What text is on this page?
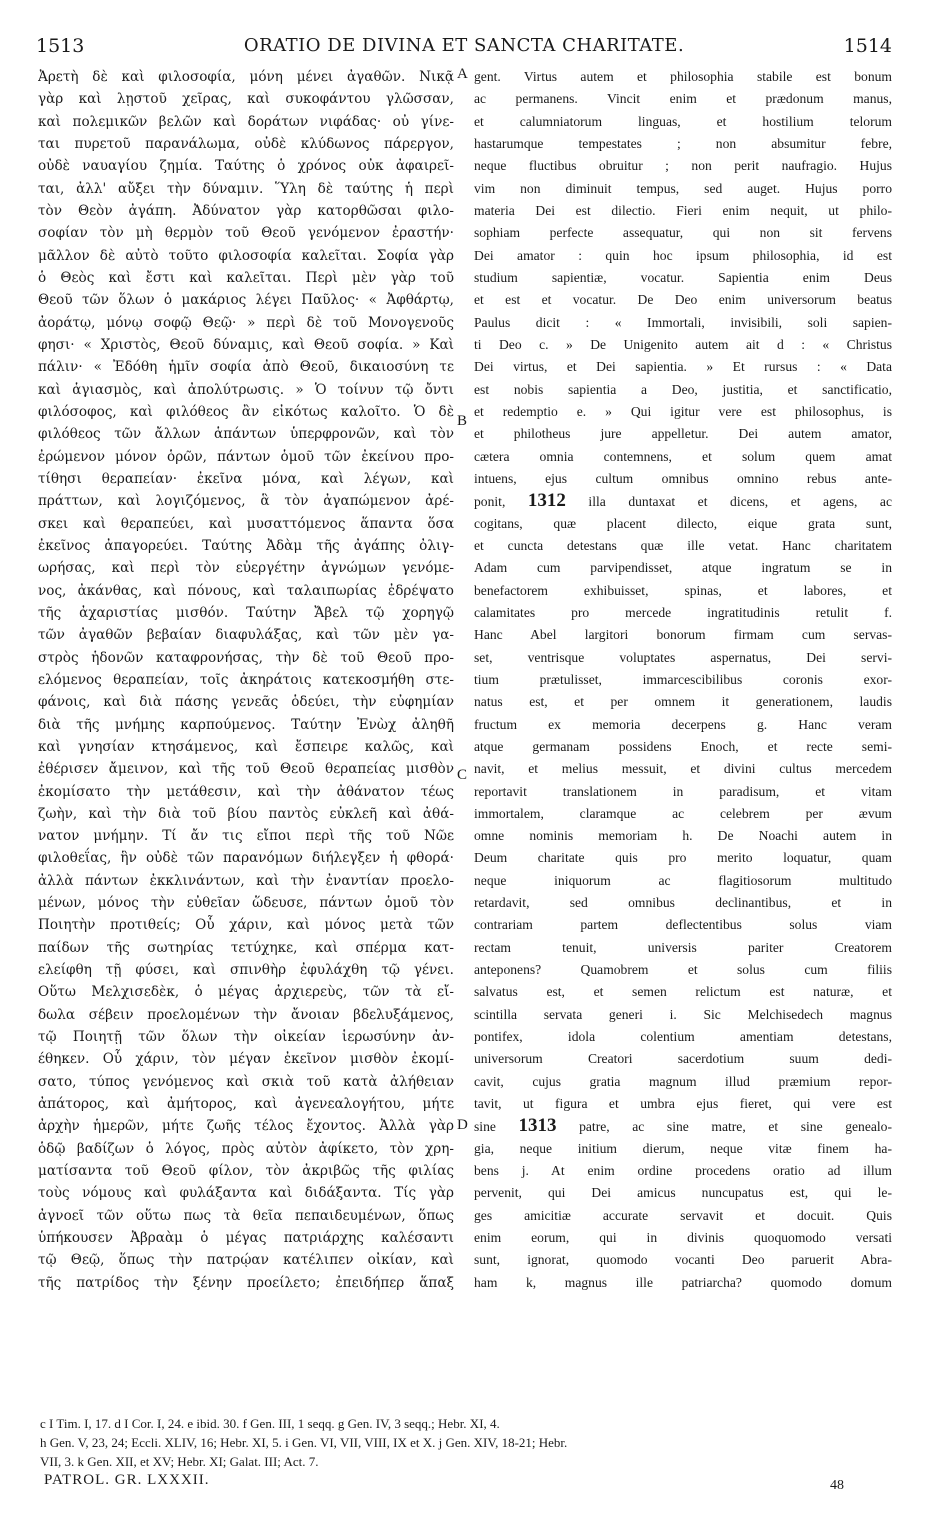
1513	ORATIO DE DIVINA ET SANCTA CHARITATE.	1514
Ἀρετὴ δὲ καὶ φιλοσοφία, μόνη μένει ἀγαθῶν. Νικᾷ
γὰρ καὶ λῃστοῦ χεῖρας, καὶ συκοφάντου γλῶσσαν,
καὶ πολεμικῶν βελῶν καὶ δοράτων νιφάδας· οὐ γίνε-
ται πυρετοῦ παρανάλωμα, οὐδὲ κλύδωνος πάρεργον,
οὐδὲ ναυαγίου ζημία. Ταύτης ὁ χρόνος οὐκ ἀφαιρεῖ-
ται, ἀλλ' αὔξει τὴν δύναμιν. Ὕλη δὲ ταύτης ἡ περὶ
τὸν Θεὸν ἀγάπη. Ἀδύνατον γὰρ κατορθῶσαι φιλο-
σοφίαν τὸν μὴ θερμὸν τοῦ Θεοῦ γενόμενον ἐραστήν·
μᾶλλον δὲ αὐτὸ τοῦτο φιλοσοφία καλεῖται. Σοφία γὰρ
ὁ Θεὸς καὶ ἔστι καὶ καλεῖται. Περὶ μὲν γὰρ τοῦ
Θεοῦ τῶν ὅλων ὁ μακάριος λέγει Παῦλος· « Ἀφθάρτῳ,
ἀοράτῳ, μόνῳ σοφῷ Θεῷ· » περὶ δὲ τοῦ Μονογενοῦς
φησι· « Χριστὸς, Θεοῦ δύναμις, καὶ Θεοῦ σοφία. » Καὶ
πάλιν· « Ἐδόθη ἡμῖν σοφία ἀπὸ Θεοῦ, δικαιοσύνη τε
καὶ ἁγιασμὸς, καὶ ἀπολύτρωσις. » Ὁ τοίνυν τῷ ὄντι
φιλόσοφος, καὶ φιλόθεος ἂν εἰκότως καλοῖτο. Ὁ δὲ
φιλόθεος τῶν ἄλλων ἁπάντων ὑπερφρονῶν, καὶ τὸν
ἐρώμενον μόνον ὁρῶν, πάντων ὁμοῦ τῶν ἐκείνου προ-
τίθησι θεραπείαν· ἐκεῖνα μόνα, καὶ λέγων, καὶ
πράττων, καὶ λογιζόμενος, ἃ τὸν ἀγαπώμενον ἀρέ-
σκει καὶ θεραπεύει, καὶ μυσαττόμενος ἅπαντα ὅσα
ἐκεῖνος ἀπαγορεύει. Ταύτης Ἀδὰμ τῆς ἀγάπης ὀλιγ-
ωρήσας, καὶ περὶ τὸν εὐεργέτην ἀγνώμων γενόμε-
νος, ἀκάνθας, καὶ πόνους, καὶ ταλαιπωρίας ἐδρέψατο
τῆς ἀχαριστίας μισθόν. Ταύτην Ἄβελ τῷ χορηγῷ
τῶν ἀγαθῶν βεβαίαν διαφυλάξας, καὶ τῶν μὲν γα-
στρὸς ἡδονῶν καταφρονήσας, τὴν δὲ τοῦ Θεοῦ προ-
ελόμενος θεραπείαν, τοῖς ἀκηράτοις κατεκοσμήθη στε-
φάνοις, καὶ διὰ πάσης γενεᾶς ὁδεύει, τὴν εὐφημίαν
διὰ τῆς μνήμης καρπούμενος. Ταύτην Ἐνὼχ ἀληθῆ
καὶ γνησίαν κτησάμενος, καὶ ἔσπειρε καλῶς, καὶ
ἐθέρισεν ἄμεινον, καὶ τῆς τοῦ Θεοῦ θεραπείας μισθὸν
ἐκομίσατο τὴν μετάθεσιν, καὶ τὴν ἀθάνατον τέως
ζωὴν, καὶ τὴν διὰ τοῦ βίου παντὸς εὐκλεῆ καὶ ἀθά-
νατον μνήμην. Τί ἄν τις εἴποι περὶ τῆς τοῦ Νῶε
φιλοθεΐας, ἣν οὐδὲ τῶν παρανόμων διήλεγξεν ἡ φθορά·
ἀλλὰ πάντων ἐκκλινάντων, καὶ τὴν ἐναντίαν προελο-
μένων, μόνος τὴν εὐθεῖαν ὥδευσε, πάντων ὁμοῦ τὸν
Ποιητὴν προτιθείς; Οὗ χάριν, καὶ μόνος μετὰ τῶν
παίδων τῆς σωτηρίας τετύχηκε, καὶ σπέρμα κατ-
ελείφθη τῇ φύσει, καὶ σπινθὴρ ἐφυλάχθη τῷ γένει.
Οὕτω Μελχισεδὲκ, ὁ μέγας ἀρχιερεὺς, τῶν τὰ εἴ-
δωλα σέβειν προελομένων τὴν ἄνοιαν βδελυξάμενος,
τῷ Ποιητῇ τῶν ὅλων τὴν οἰκείαν ἱερωσύνην ἀν-
έθηκεν. Οὗ χάριν, τὸν μέγαν ἐκεῖνον μισθὸν ἐκομί-
σατο, τύπος γενόμενος καὶ σκιὰ τοῦ κατὰ ἀλήθειαν
ἀπάτορος, καὶ ἀμήτορος, καὶ ἀγενεαλογήτου, μήτε
ἀρχὴν ἡμερῶν, μήτε ζωῆς τέλος ἔχοντος. Ἀλλὰ γὰρ
ὁδῷ βαδίζων ὁ λόγος, πρὸς αὐτὸν ἀφίκετο, τὸν χρη-
ματίσαντα τοῦ Θεοῦ φίλον, τὸν ἀκριβῶς τῆς φιλίας
τοὺς νόμους καὶ φυλάξαντα καὶ διδάξαντα. Τίς γὰρ
ἀγνοεῖ τῶν οὕτω πως τὰ θεῖα πεπαιδευμένων, ὅπως
ὑπήκουσεν Ἀβραὰμ ὁ μέγας πατριάρχης καλέσαντι
τῷ Θεῷ, ὅπως τὴν πατρῴαν κατέλιπεν οἰκίαν, καὶ
τῆς πατρίδος τὴν ξένην προείλετο; ἐπειδήπερ ἅπαξ
gent. Virtus autem et philosophia stabile est bonum
ac permanens. Vincit enim et prædonum manus,
et calumniatorum linguas, et hostilium telorum
hastarumque tempestates ; non absumitur febre,
neque fluctibus obruitur ; non perit naufragio. Hujus
vim non diminuit tempus, sed auget. Hujus porro
materia Dei est dilectio. Fieri enim nequit, ut philo-
sophiam perfecte assequatur, qui non sit fervens
Dei amator : quin hoc ipsum philosophia, id est
studium sapientiæ, vocatur. Sapientia enim Deus
et est et vocatur. De Deo enim universorum beatus
Paulus dicit : « Immortali, invisibili, soli sapien-
ti Deo c. » De Unigenito autem ait d : « Christus
Dei virtus, et Dei sapientia. » Et rursus : « Data
est nobis sapientia a Deo, justitia, et sanctificatio,
et redemptio e. » Qui igitur vere est philosophus, is
et philotheus jure appelletur. Dei autem amator,
cætera omnia contemnens, et solum quem amat
intuens, ejus cultum omnibus omnino rebus ante-
ponit, 1312 illa duntaxat et dicens, et agens, ac
cogitans, quæ placent dilecto, eique grata sunt,
et cuncta detestans quæ ille vetat. Hanc charitatem
Adam cum parvipendisset, atque ingratum se in
benefactorem exhibuisset, spinas, et labores, et
calamitates pro mercede ingratitudinis retulit f.
Hanc Abel largitori bonorum firmam cum servas-
set, ventrisque voluptates aspernatus, Dei servi-
tium prætulisset, immarcescibilibus coronis exor-
natus est, et per omnem it generationem, laudis
fructum ex memoria decerpens g. Hanc veram
atque germanam possidens Enoch, et recte semi-
navit, et melius messuit, et divini cultus mercedem
reportavit translationem in paradisum, et vitam
immortalem, claramque ac celebrem per ævum
omne nominis memoriam h. De Noachi autem in
Deum charitate quis pro merito loquatur, quam
neque iniquorum ac flagitiosorum multitudo
retardavit, sed omnibus declinantibus, et in
contrariam partem deflectentibus solus viam
rectam tenuit, universis pariter Creatorem
anteponens? Quamobrem et solus cum filiis
salvatus est, et semen relictum est naturæ, et
scintilla servata generi i. Sic Melchisedech magnus
pontifex, idola colentium amentiam detestans,
universorum Creatori sacerdotium suum dedi-
cavit, cujus gratia magnum illud præmium repor-
tavit, ut figura et umbra ejus fieret, qui vere est
sine 1313 patre, ac sine matre, et sine genealo-
gia, neque initium dierum, neque vitæ finem ha-
bens j. At enim ordine procedens oratio ad illum
pervenit, qui Dei amicus nuncupatus est, qui le-
ges amicitiæ accurate servavit et docuit. Quis
enim eorum, qui in divinis quoquomodo versati
sunt, ignorat, quomodo vocanti Deo paruerit Abra-
ham k, magnus ille patriarcha? quomodo domum
A
B
C
D
c I Tim. I, 17. d I Cor. I, 24. e ibid. 30. f Gen. III, 1 seqq. g Gen. IV, 3 seqq.; Hebr. XI, 4.
h Gen. V, 23, 24; Eccli. XLIV, 16; Hebr. XI, 5. i Gen. VI, VII, VIII, IX et X. j Gen. XIV, 18-21; Hebr.
VII, 3. k Gen. XII, et XV; Hebr. XI; Galat. III; Act. 7.
PATROL. GR. LXXXII.	48
